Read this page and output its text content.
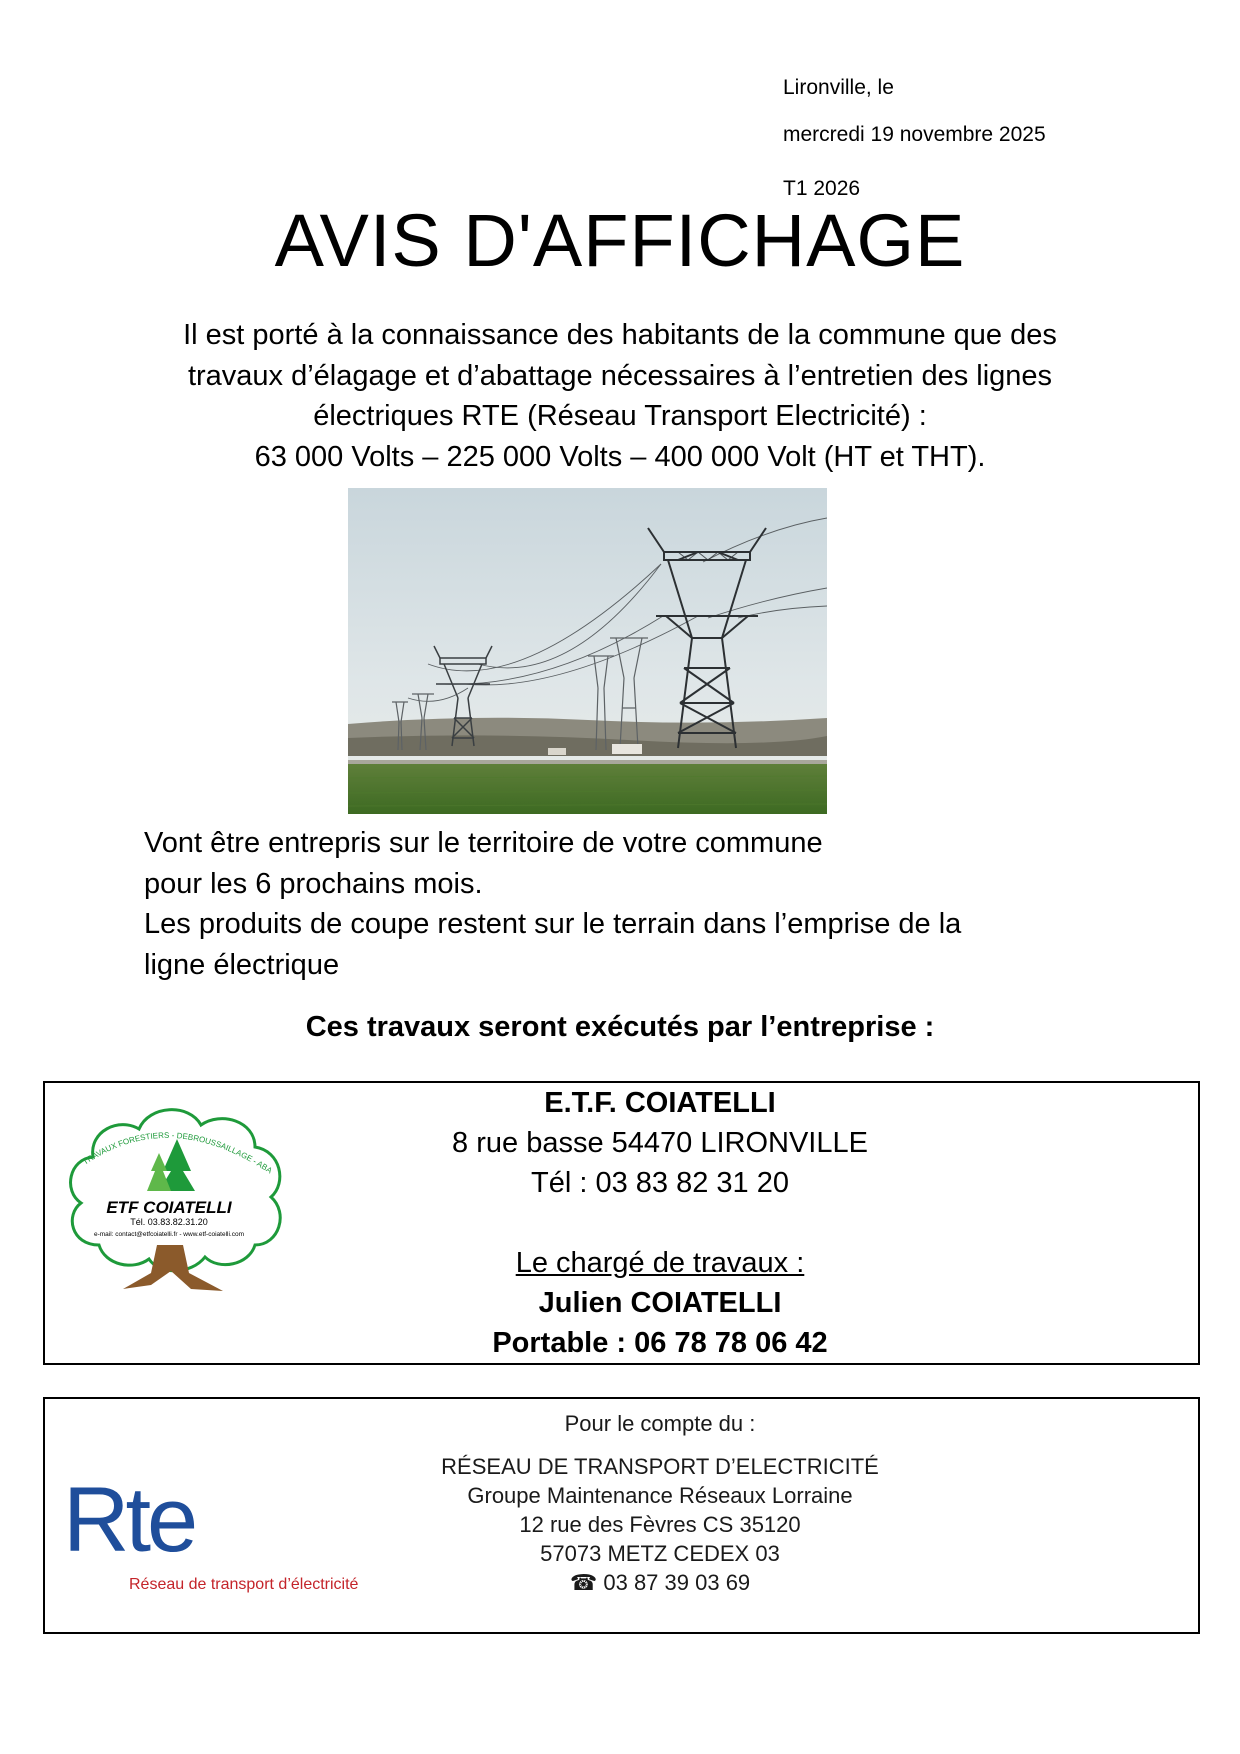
Lironville, le
mercredi 19 novembre 2025
T1 2026
AVIS D'AFFICHAGE
Il est porté à la connaissance des habitants de la commune que des
travaux d’élagage et d’abattage nécessaires à l’entretien des lignes
électriques RTE (Réseau Transport Electricité) :
63 000 Volts – 225 000 Volts – 400 000 Volt (HT et THT).
Vont être entrepris sur le territoire de votre commune
pour les 6 prochains mois.
Les produits de coupe restent sur le terrain dans l’emprise de la
ligne électrique
Ces travaux seront exécutés par l’entreprise :
TRAVAUX FORESTIERS - DEBROUSSAILLAGE - ABA
ETF COIATELLI
Tél. 03.83.82.31.20
e-mail: contact@etfcoiatelli.fr - www.etf-coiatelli.com
E.T.F. COIATELLI
8 rue basse 54470 LIRONVILLE
Tél : 03 83 82 31 20
Le chargé de travaux :
Julien COIATELLI
Portable : 06 78 78 06 42
Pour le compte du :
RÉSEAU DE TRANSPORT D’ELECTRICITÉ
Groupe Maintenance Réseaux Lorraine
12 rue des Fèvres CS 35120
57073 METZ CEDEX 03
☎ 03 87 39 03 69
Rte
Réseau de transport d’électricité
